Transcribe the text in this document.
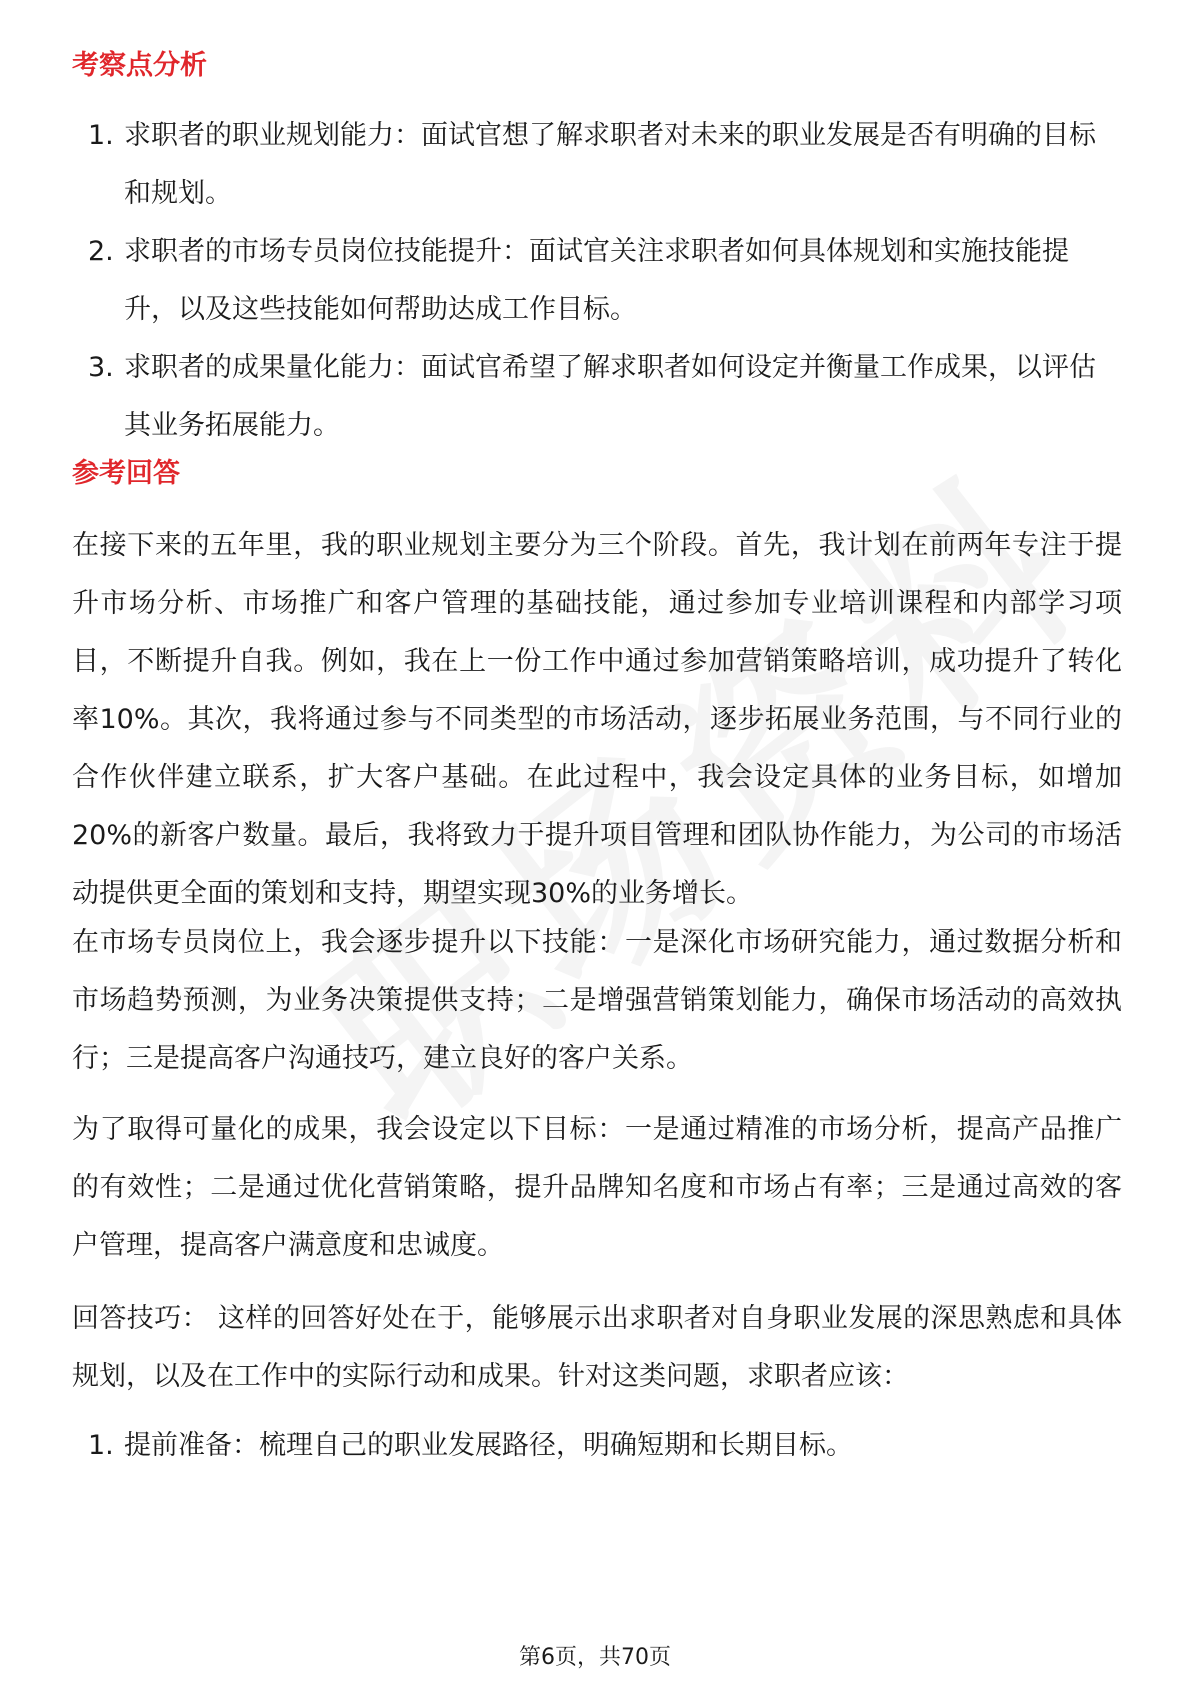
考察点分析
1. 求职者的职业规划能力：面试官想了解求职者对未来的职业发展是否有明确的目标和规划。
2. 求职者的市场专员岗位技能提升：面试官关注求职者如何具体规划和实施技能提升，以及这些技能如何帮助达成工作目标。
3. 求职者的成果量化能力：面试官希望了解求职者如何设定并衡量工作成果，以评估其业务拓展能力。
参考回答

在接下来的五年里，我的职业规划主要分为三个阶段。首先，我计划在前两年专注于提升市场分析、市场推广和客户管理的基础技能，通过参加专业培训课程和内部学习项目，不断提升自我。例如，我在上一份工作中通过参加营销策略培训，成功提升了转化率10%。其次，我将通过参与不同类型的市场活动，逐步拓展业务范围，与不同行业的合作伙伴建立联系，扩大客户基础。在此过程中，我会设定具体的业务目标，如增加20%的新客户数量。最后，我将致力于提升项目管理和团队协作能力，为公司的市场活动提供更全面的策划和支持，期望实现30%的业务增长。

在市场专员岗位上，我会逐步提升以下技能：一是深化市场研究能力，通过数据分析和市场趋势预测，为业务决策提供支持；二是增强营销策划能力，确保市场活动的高效执行；三是提高客户沟通技巧，建立良好的客户关系。

为了取得可量化的成果，我会设定以下目标：一是通过精准的市场分析，提高产品推广的有效性；二是通过优化营销策略，提升品牌知名度和市场占有率；三是通过高效的客户管理，提高客户满意度和忠诚度。

回答技巧： 这样的回答好处在于，能够展示出求职者对自身职业发展的深思熟虑和具体规划，以及在工作中的实际行动和成果。针对这类问题，求职者应该：

1. 提前准备：梳理自己的职业发展路径，明确短期和长期目标。
第6页，共70页
